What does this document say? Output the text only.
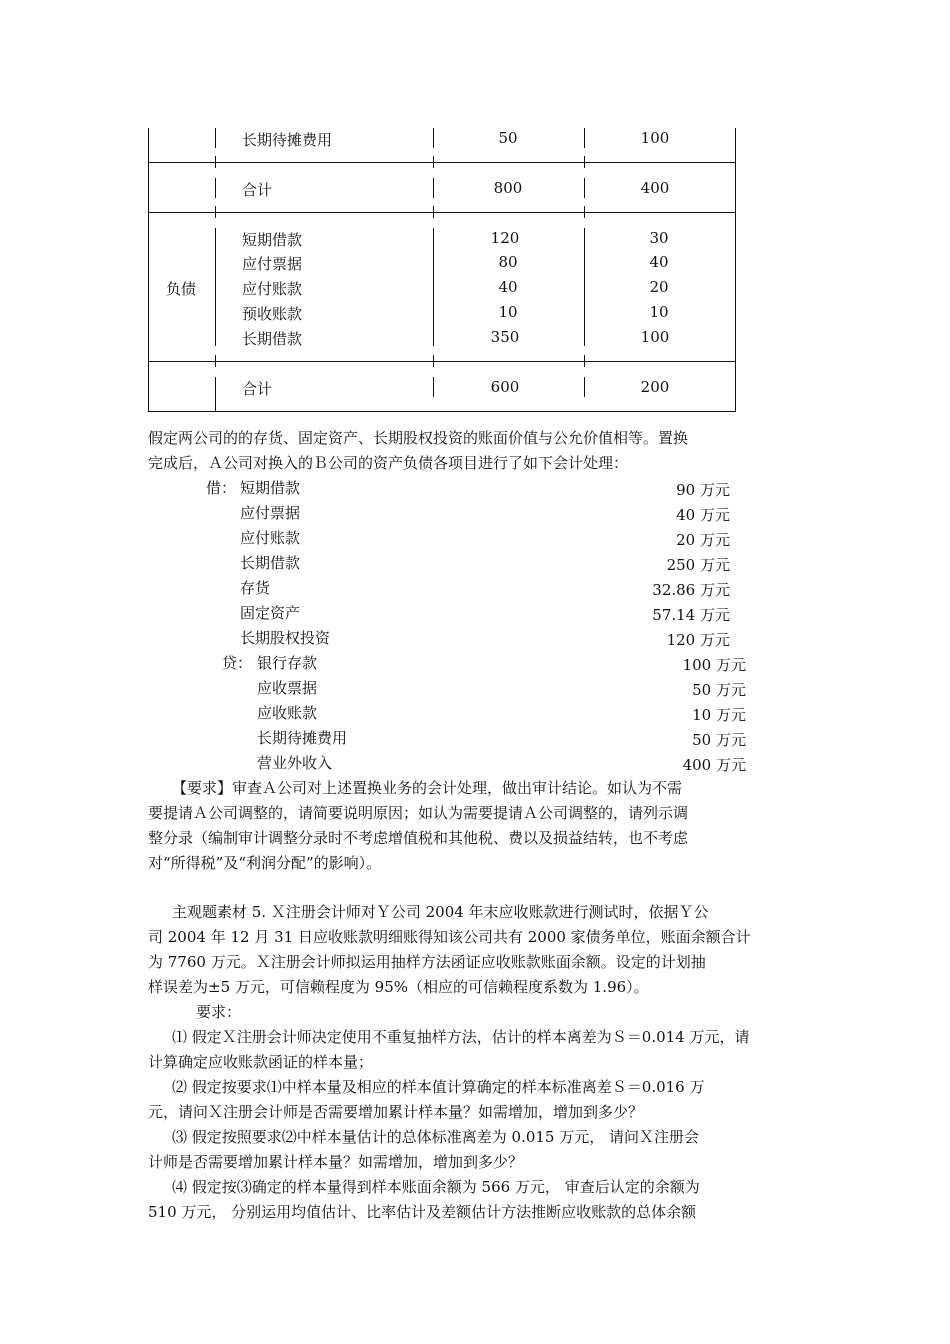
长期待摊费用	50	100
合计	800	400
负债
短期借款	120	30
应付票据	80	40
应付账款	40	20
预收账款	10	10
长期借款	350	100
合计	600	200
假定两公司的的存货、固定资产、长期股权投资的账面价值与公允价值相等。置换
完成后，Ａ公司对换入的Ｂ公司的资产负债各项目进行了如下会计处理：
借： 短期借款	90 万元
应付票据	40 万元
应付账款	20 万元
长期借款	250 万元
存货	32.86 万元
固定资产	57.14 万元
长期股权投资	120 万元
贷： 银行存款	100 万元
应收票据	50 万元
应收账款	10 万元
长期待摊费用	50 万元
营业外收入	400 万元
【要求】审查Ａ公司对上述置换业务的会计处理，做出审计结论。如认为不需
要提请Ａ公司调整的，请简要说明原因；如认为需要提请Ａ公司调整的，请列示调
整分录（编制审计调整分录时不考虑增值税和其他税、费以及损益结转，也不考虑
对“所得税”及“利润分配”的影响）。
主观题素材 5. Ｘ注册会计师对Ｙ公司 2004 年末应收账款进行测试时，依据Ｙ公
司 2004 年 12 月 31 日应收账款明细账得知该公司共有 2000 家债务单位，账面余额合计
为 7760 万元。Ｘ注册会计师拟运用抽样方法函证应收账款账面余额。设定的计划抽
样误差为±5 万元，可信赖程度为 95%（相应的可信赖程度系数为 1.96）。
要求：
⑴ 假定Ｘ注册会计师决定使用不重复抽样方法，估计的样本离差为Ｓ＝0.014 万元，请
计算确定应收账款函证的样本量；
⑵ 假定按要求⑴中样本量及相应的样本值计算确定的样本标准离差Ｓ＝0.016 万
元，请问Ｘ注册会计师是否需要增加累计样本量？如需增加，增加到多少？
⑶ 假定按照要求⑵中样本量估计的总体标准离差为 0.015 万元， 请问Ｘ注册会
计师是否需要增加累计样本量？如需增加，增加到多少？
⑷ 假定按⑶确定的样本量得到样本账面余额为 566 万元， 审查后认定的余额为
510 万元， 分别运用均值估计、比率估计及差额估计方法推断应收账款的总体余额
